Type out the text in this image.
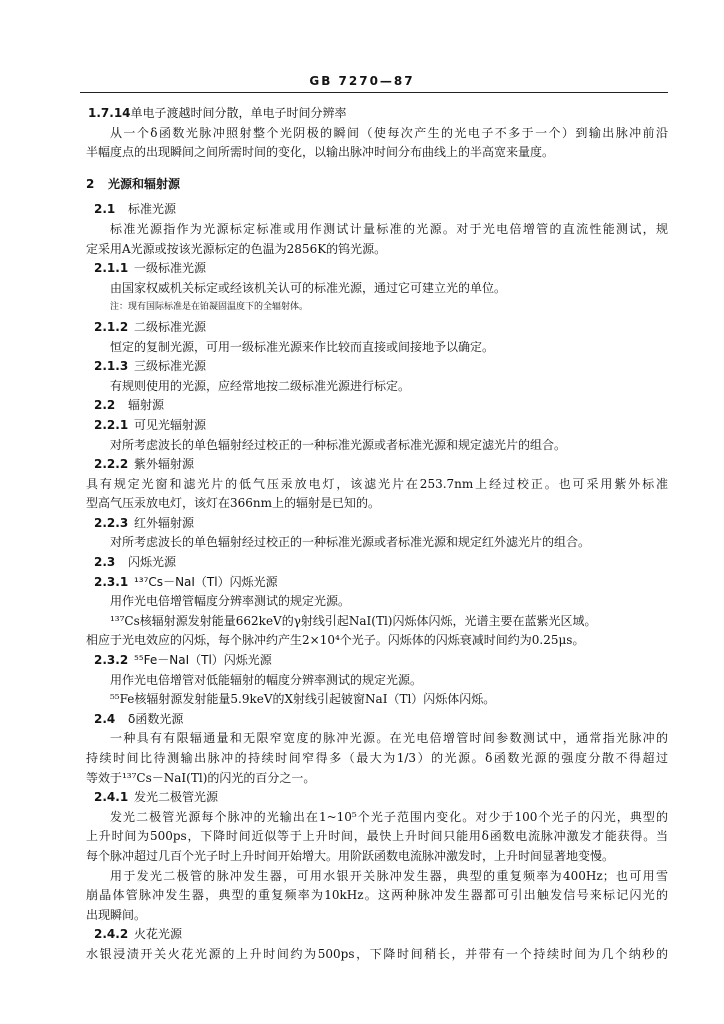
GB 7270—87
1.7.14单电子渡越时间分散，单电子时间分辨率
从一个δ函数光脉冲照射整个光阴极的瞬间（使每次产生的光电子不多于一个）到输出脉冲前沿
半幅度点的出现瞬间之间所需时间的变化，以输出脉冲时间分布曲线上的半高宽来量度。
2 光源和辐射源
2.1 标准光源
标准光源指作为光源标定标准或用作测试计量标准的光源。对于光电倍增管的直流性能测试，规
定采用A光源或按该光源标定的色温为2856K的钨光源。
2.1.1 一级标准光源
由国家权威机关标定或经该机关认可的标准光源，通过它可建立光的单位。
注：现有国际标准是在铂凝固温度下的全辐射体。
2.1.2 二级标准光源
恒定的复制光源，可用一级标准光源来作比较而直接或间接地予以确定。
2.1.3 三级标准光源
有规则使用的光源，应经常地按二级标准光源进行标定。
2.2 辐射源
2.2.1 可见光辐射源
对所考虑波长的单色辐射经过校正的一种标准光源或者标准光源和规定滤光片的组合。
2.2.2 紫外辐射源
具有规定光窗和滤光片的低气压汞放电灯，该滤光片在253.7nm上经过校正。也可采用紫外标准
型高气压汞放电灯，该灯在366nm上的辐射是已知的。
2.2.3 红外辐射源
对所考虑波长的单色辐射经过校正的一种标准光源或者标准光源和规定红外滤光片的组合。
2.3 闪烁光源
2.3.1 ¹³⁷Cs－NaI（Tl）闪烁光源
用作光电倍增管幅度分辨率测试的规定光源。
¹³⁷Cs核辐射源发射能量662keV的γ射线引起NaI(Tl)闪烁体闪烁，光谱主要在蓝紫光区域。
相应于光电效应的闪烁，每个脉冲约产生2×10⁴个光子。闪烁体的闪烁衰减时间约为0.25μs。
2.3.2 ⁵⁵Fe－NaI（Tl）闪烁光源
用作光电倍增管对低能辐射的幅度分辨率测试的规定光源。
⁵⁵Fe核辐射源发射能量5.9keV的X射线引起铍窗NaI（Tl）闪烁体闪烁。
2.4 δ函数光源
一种具有有限辐通量和无限窄宽度的脉冲光源。在光电倍增管时间参数测试中，通常指光脉冲的
持续时间比待测输出脉冲的持续时间窄得多（最大为1/3）的光源。δ函数光源的强度分散不得超过
等效于¹³⁷Cs－NaI(Tl)的闪光的百分之一。
2.4.1 发光二极管光源
发光二极管光源每个脉冲的光输出在1~10⁵个光子范围内变化。对少于100个光子的闪光，典型的
上升时间为500ps，下降时间近似等于上升时间，最快上升时间只能用δ函数电流脉冲激发才能获得。当
每个脉冲超过几百个光子时上升时间开始增大。用阶跃函数电流脉冲激发时，上升时间显著地变慢。
用于发光二极管的脉冲发生器，可用水银开关脉冲发生器，典型的重复频率为400Hz；也可用雪
崩晶体管脉冲发生器，典型的重复频率为10kHz。这两种脉冲发生器都可引出触发信号来标记闪光的
出现瞬间。
2.4.2 火花光源
水银浸渍开关火花光源的上升时间约为500ps，下降时间稍长，并带有一个持续时间为几个纳秒的
